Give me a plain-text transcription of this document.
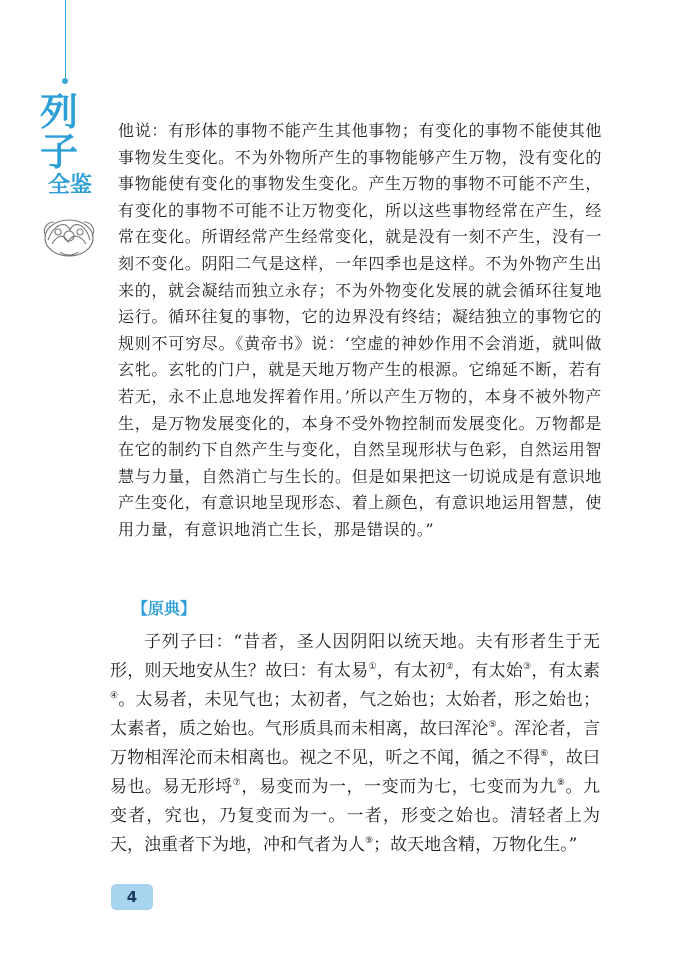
列子
全鉴
他说：有形体的事物不能产生其他事物；有变化的事物不能使其他事物发生变化。不为外物所产生的事物能够产生万物，没有变化的事物能使有变化的事物发生变化。产生万物的事物不可能不产生，有变化的事物不可能不让万物变化，所以这些事物经常在产生，经常在变化。所谓经常产生经常变化，就是没有一刻不产生，没有一刻不变化。阴阳二气是这样，一年四季也是这样。不为外物产生出来的，就会凝结而独立永存；不为外物变化发展的就会循环往复地运行。循环往复的事物，它的边界没有终结；凝结独立的事物它的规则不可穷尽。《黄帝书》说：‘空虚的神妙作用不会消逝，就叫做玄牝。玄牝的门户，就是天地万物产生的根源。它绵延不断，若有若无，永不止息地发挥着作用。’所以产生万物的，本身不被外物产生，是万物发展变化的，本身不受外物控制而发展变化。万物都是在它的制约下自然产生与变化，自然呈现形状与色彩，自然运用智慧与力量，自然消亡与生长的。但是如果把这一切说成是有意识地产生变化，有意识地呈现形态、着上颜色，有意识地运用智慧，使用力量，有意识地消亡生长，那是错误的。”
【原典】
子列子曰：“昔者，圣人因阴阳以统天地。夫有形者生于无形，则天地安从生？故曰：有太易①，有太初②，有太始③，有太素④。太易者，未见气也；太初者，气之始也；太始者，形之始也；太素者，质之始也。气形质具而未相离，故曰浑沦⑤。浑沦者，言万物相浑沦而未相离也。视之不见，听之不闻，循之不得⑥，故曰易也。易无形埒⑦，易变而为一，一变而为七，七变而为九⑧。九变者，究也，乃复变而为一。一者，形变之始也。清轻者上为天，浊重者下为地，冲和气者为人⑨；故天地含精，万物化生。”
4
